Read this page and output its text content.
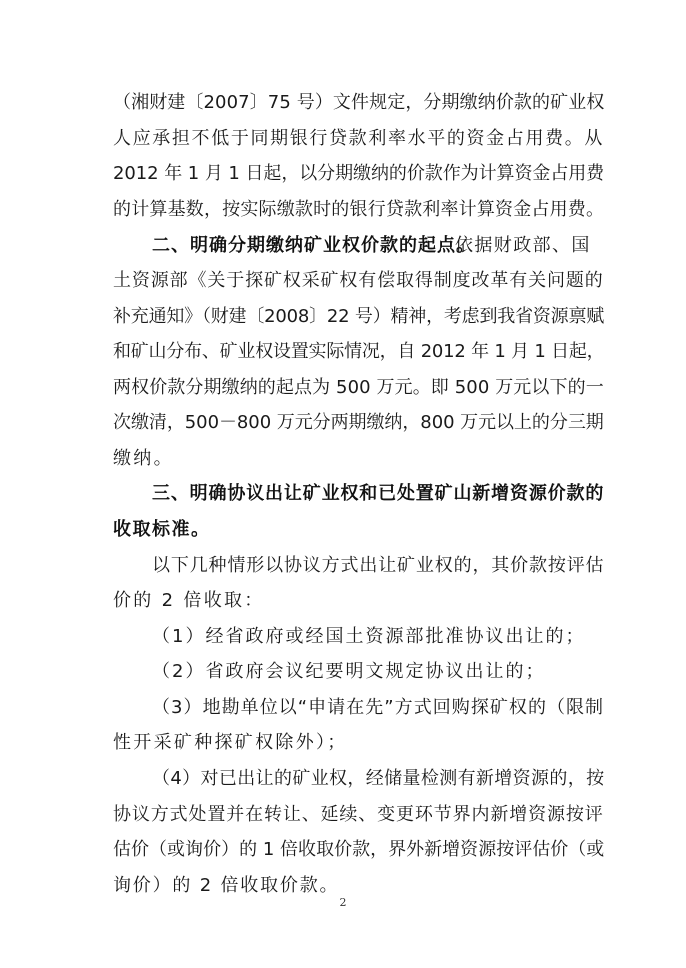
（湘财建〔2007〕75 号）文件规定，分期缴纳价款的矿业权
人应承担不低于同期银行贷款利率水平的资金占用费。从
2012 年 1 月 1 日起，以分期缴纳的价款作为计算资金占用费
的计算基数，按实际缴款时的银行贷款利率计算资金占用费。
二、明确分期缴纳矿业权价款的起点。
依据财政部、国
土资源部《关于探矿权采矿权有偿取得制度改革有关问题的
补充通知》（财建〔2008〕22 号）精神，考虑到我省资源禀赋
和矿山分布、矿业权设置实际情况，自 2012 年 1 月 1 日起，
两权价款分期缴纳的起点为 500 万元。即 500 万元以下的一
次缴清，500－800 万元分两期缴纳，800 万元以上的分三期
缴纳。
三、明确协议出让矿业权和已处置矿山新增资源价款的
收取标准。
以下几种情形以协议方式出让矿业权的，其价款按评估
价的 2 倍收取：
（1）经省政府或经国土资源部批准协议出让的；
（2）省政府会议纪要明文规定协议出让的；
（3）地勘单位以“申请在先”方式回购探矿权的（限制
性开采矿种探矿权除外）；
（4）对已出让的矿业权，经储量检测有新增资源的，按
协议方式处置并在转让、延续、变更环节界内新增资源按评
估价（或询价）的 1 倍收取价款，界外新增资源按评估价（或
询价）的 2 倍收取价款。
2
